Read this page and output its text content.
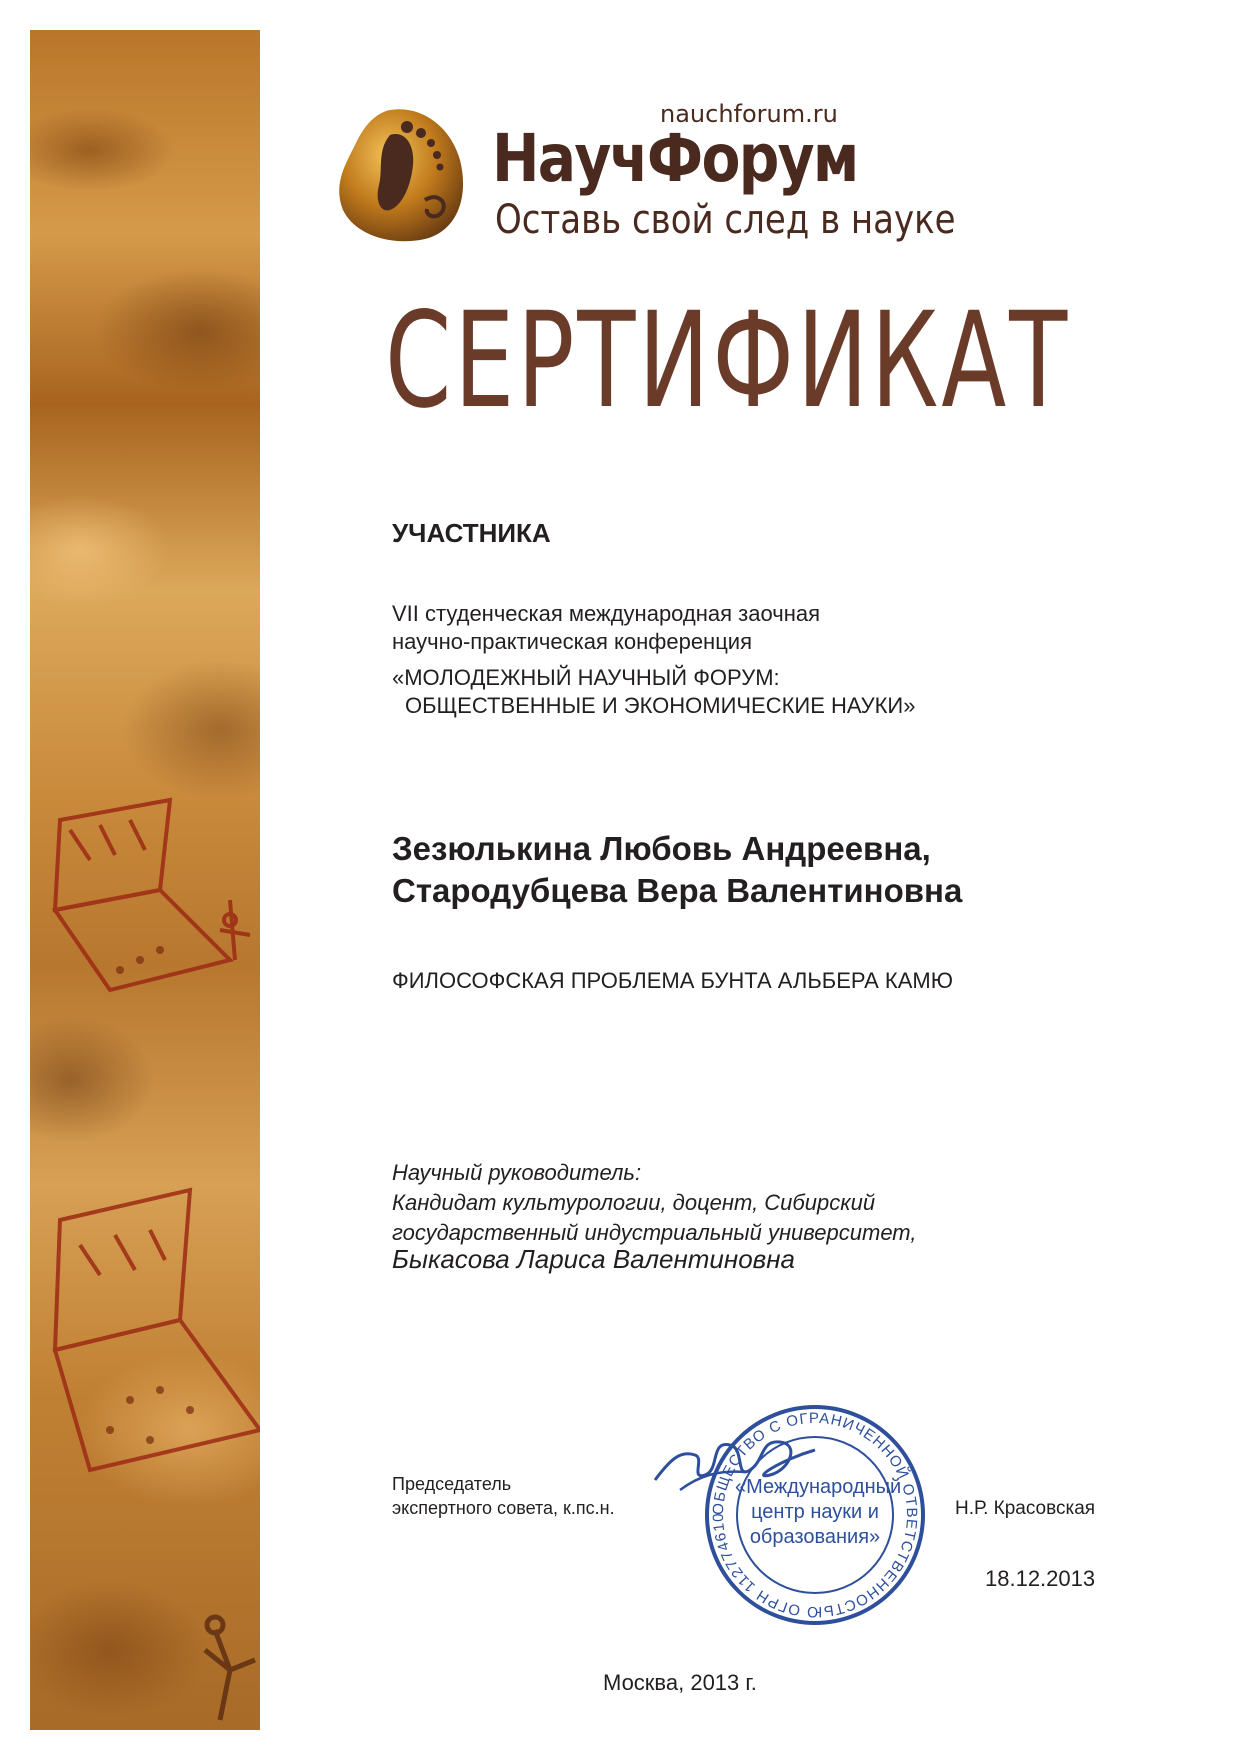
nauchforum.ru
НаучФорум
Оставь свой след в науке
СЕРТИФИКАТ
УЧАСТНИКА
VII студенческая международная заочная
научно-практическая конференция
«МОЛОДЕЖНЫЙ НАУЧНЫЙ ФОРУМ:
ОБЩЕСТВЕННЫЕ И ЭКОНОМИЧЕСКИЕ НАУКИ»
Зезюлькина Любовь Андреевна,
Стародубцева Вера Валентиновна
ФИЛОСОФСКАЯ ПРОБЛЕМА БУНТА АЛЬБЕРА КАМЮ
Научный руководитель:
Кандидат культурологии, доцент, Сибирский
государственный индустриальный университет,
Быкасова Лариса Валентиновна
Председатель
экспертного совета, к.пс.н.	ОБЩЕСТВО С ОГРАНИЧЕННОЙ ОТВЕТСТВЕННОСТЬЮ ОГРН 112774610
«Международный
центр науки и
образования»
Н.Р. Красовская
18.12.2013
Москва, 2013 г.
